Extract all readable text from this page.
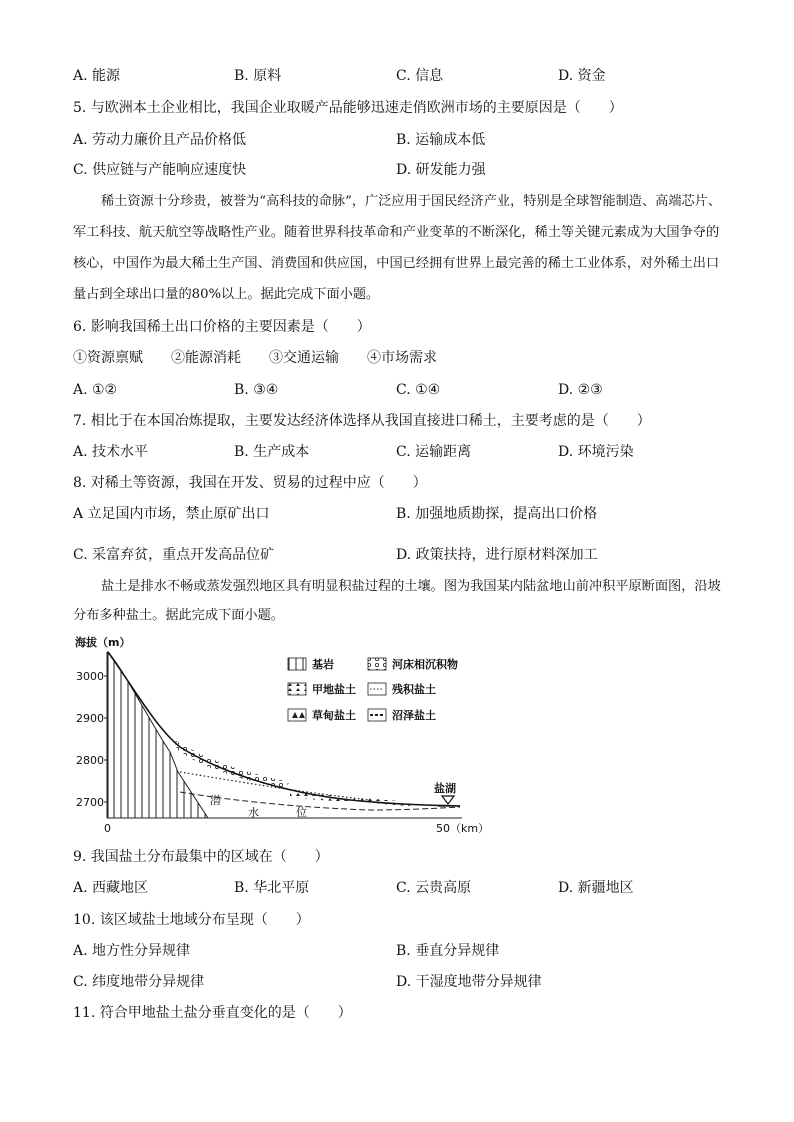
A. 能源	B. 原料	C. 信息	D. 资金
5. 与欧洲本土企业相比，我国企业取暖产品能够迅速走俏欧洲市场的主要原因是（　　）
A. 劳动力廉价且产品价格低	B. 运输成本低
C. 供应链与产能响应速度快	D. 研发能力强
稀土资源十分珍贵，被誉为“高科技的命脉”，广泛应用于国民经济产业，特别是全球智能制造、高端芯片、军工科技、航天航空等战略性产业。随着世界科技革命和产业变革的不断深化，稀土等关键元素成为大国争夺的核心，中国作为最大稀土生产国、消费国和供应国，中国已经拥有世界上最完善的稀土工业体系，对外稀土出口量占到全球出口量的80%以上。据此完成下面小题。
6. 影响我国稀土出口价格的主要因素是（　　）
①资源禀赋　　②能源消耗　　③交通运输　　④市场需求
A. ①②	B. ③④	C. ①④	D. ②③
7. 相比于在本国冶炼提取，主要发达经济体选择从我国直接进口稀土，主要考虑的是（　　）
A. 技术水平	B. 生产成本	C. 运输距离	D. 环境污染
8. 对稀土等资源，我国在开发、贸易的过程中应（　　）
A 立足国内市场，禁止原矿出口	B. 加强地质勘探，提高出口价格
C. 采富弃贫，重点开发高品位矿	D. 政策扶持，进行原材料深加工
盐土是排水不畅或蒸发强烈地区具有明显积盐过程的土壤。图为我国某内陆盆地山前冲积平原断面图，沿坡分布多种盐土。据此完成下面小题。
海拔（m）
3000
2900
2800
2700
0	50（km）
潜
水	位
盐湖
基岩	河床相沉积物
甲地盐土	残积盐土
草甸盐土	沼泽盐土
9. 我国盐土分布最集中的区域在（　　）
A. 西藏地区	B. 华北平原	C. 云贵高原	D. 新疆地区
10. 该区域盐土地域分布呈现（　　）
A. 地方性分异规律	B. 垂直分异规律
C. 纬度地带分异规律	D. 干湿度地带分异规律
11. 符合甲地盐土盐分垂直变化的是（　　）
